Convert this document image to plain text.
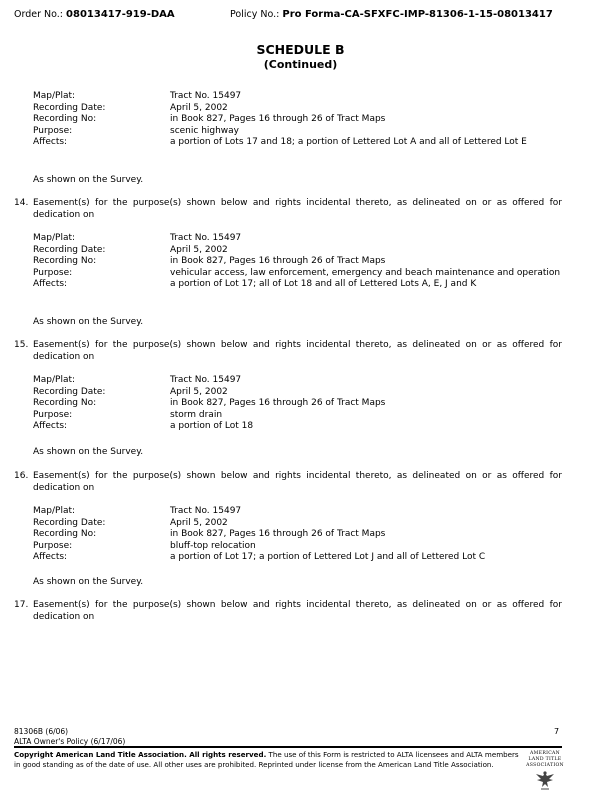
Order No.: 08013417-919-DAA	Policy No.: Pro Forma-CA-SFXFC-IMP-81306-1-15-08013417
SCHEDULE B
(Continued)
Map/Plat:	Tract No. 15497
Recording Date:	April 5, 2002
Recording No:	in Book 827, Pages 16 through 26 of Tract Maps
Purpose:	scenic highway
Affects:	a portion of Lots 17 and 18; a portion of Lettered Lot A and all of Lettered Lot E
As shown on the Survey.
14. Easement(s) for the purpose(s) shown below and rights incidental thereto, as delineated on or as offered for dedication on
Map/Plat:	Tract No. 15497
Recording Date:	April 5, 2002
Recording No:	in Book 827, Pages 16 through 26 of Tract Maps
Purpose:	vehicular access, law enforcement, emergency and beach maintenance and operation
Affects:	a portion of Lot 17; all of Lot 18 and all of Lettered Lots A, E, J and K
As shown on the Survey.
15. Easement(s) for the purpose(s) shown below and rights incidental thereto, as delineated on or as offered for dedication on
Map/Plat:	Tract No. 15497
Recording Date:	April 5, 2002
Recording No:	in Book 827, Pages 16 through 26 of Tract Maps
Purpose:	storm drain
Affects:	a portion of Lot 18
As shown on the Survey.
16. Easement(s) for the purpose(s) shown below and rights incidental thereto, as delineated on or as offered for dedication on
Map/Plat:	Tract No. 15497
Recording Date:	April 5, 2002
Recording No:	in Book 827, Pages 16 through 26 of Tract Maps
Purpose:	bluff-top relocation
Affects:	a portion of Lot 17; a portion of Lettered Lot J and all of Lettered Lot C
As shown on the Survey.
17. Easement(s) for the purpose(s) shown below and rights incidental thereto, as delineated on or as offered for dedication on
81306B (6/06)
ALTA Owner's Policy (6/17/06)
7
Copyright American Land Title Association. All rights reserved. The use of this Form is restricted to ALTA licensees and ALTA members in good standing as of the date of use. All other uses are prohibited. Reprinted under license from the American Land Title Association.
AMERICAN
LAND TITLE
ASSOCIATION
